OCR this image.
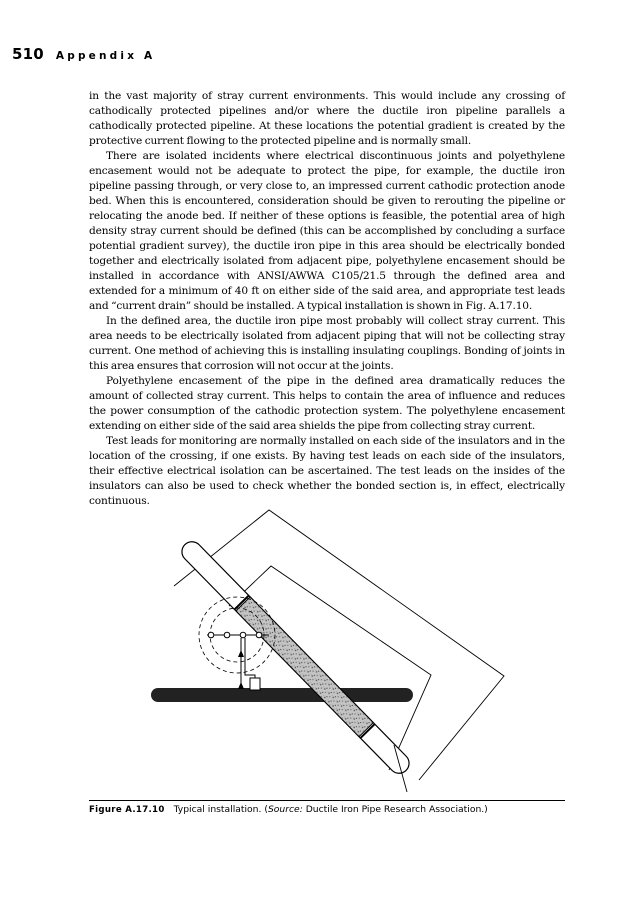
510 Appendix A

in the vast majority of stray current environments. This would include any crossing of cathodically protected pipelines and/or where the ductile iron pipeline parallels a cathodically protected pipeline. At these locations the potential gradient is created by the protective current flowing to the protected pipeline and is normally small.

There are isolated incidents where electrical discontinuous joints and polyethylene encasement would not be adequate to protect the pipe, for example, the ductile iron pipeline passing through, or very close to, an impressed current cathodic protection anode bed. When this is encountered, consideration should be given to rerouting the pipeline or relocating the anode bed. If neither of these options is feasible, the potential area of high density stray current should be defined (this can be accomplished by concluding a surface potential gradient survey), the ductile iron pipe in this area should be electrically bonded together and electrically isolated from adjacent pipe, polyethylene encasement should be installed in accordance with ANSI/AWWA C105/21.5 through the defined area and extended for a minimum of 40 ft on either side of the said area, and appropriate test leads and “current drain” should be installed. A typical installation is shown in Fig. A.17.10.

In the defined area, the ductile iron pipe most probably will collect stray current. This area needs to be electrically isolated from adjacent piping that will not be collecting stray current. One method of achieving this is installing insulating couplings. Bonding of joints in this area ensures that corrosion will not occur at the joints.

Polyethylene encasement of the pipe in the defined area dramatically reduces the amount of collected stray current. This helps to contain the area of influence and reduces the power consumption of the cathodic protection system. The polyethylene encasement extending on either side of the said area shields the pipe from collecting stray current.

Test leads for monitoring are normally installed on each side of the insulators and in the location of the crossing, if one exists. By having test leads on each side of the insulators, their effective electrical isolation can be ascertained. The test leads on the insides of the insulators can also be used to check whether the bonded section is, in effect, electrically continuous.

Figure A.17.10 Typical installation. (Source: Ductile Iron Pipe Research Association.)
